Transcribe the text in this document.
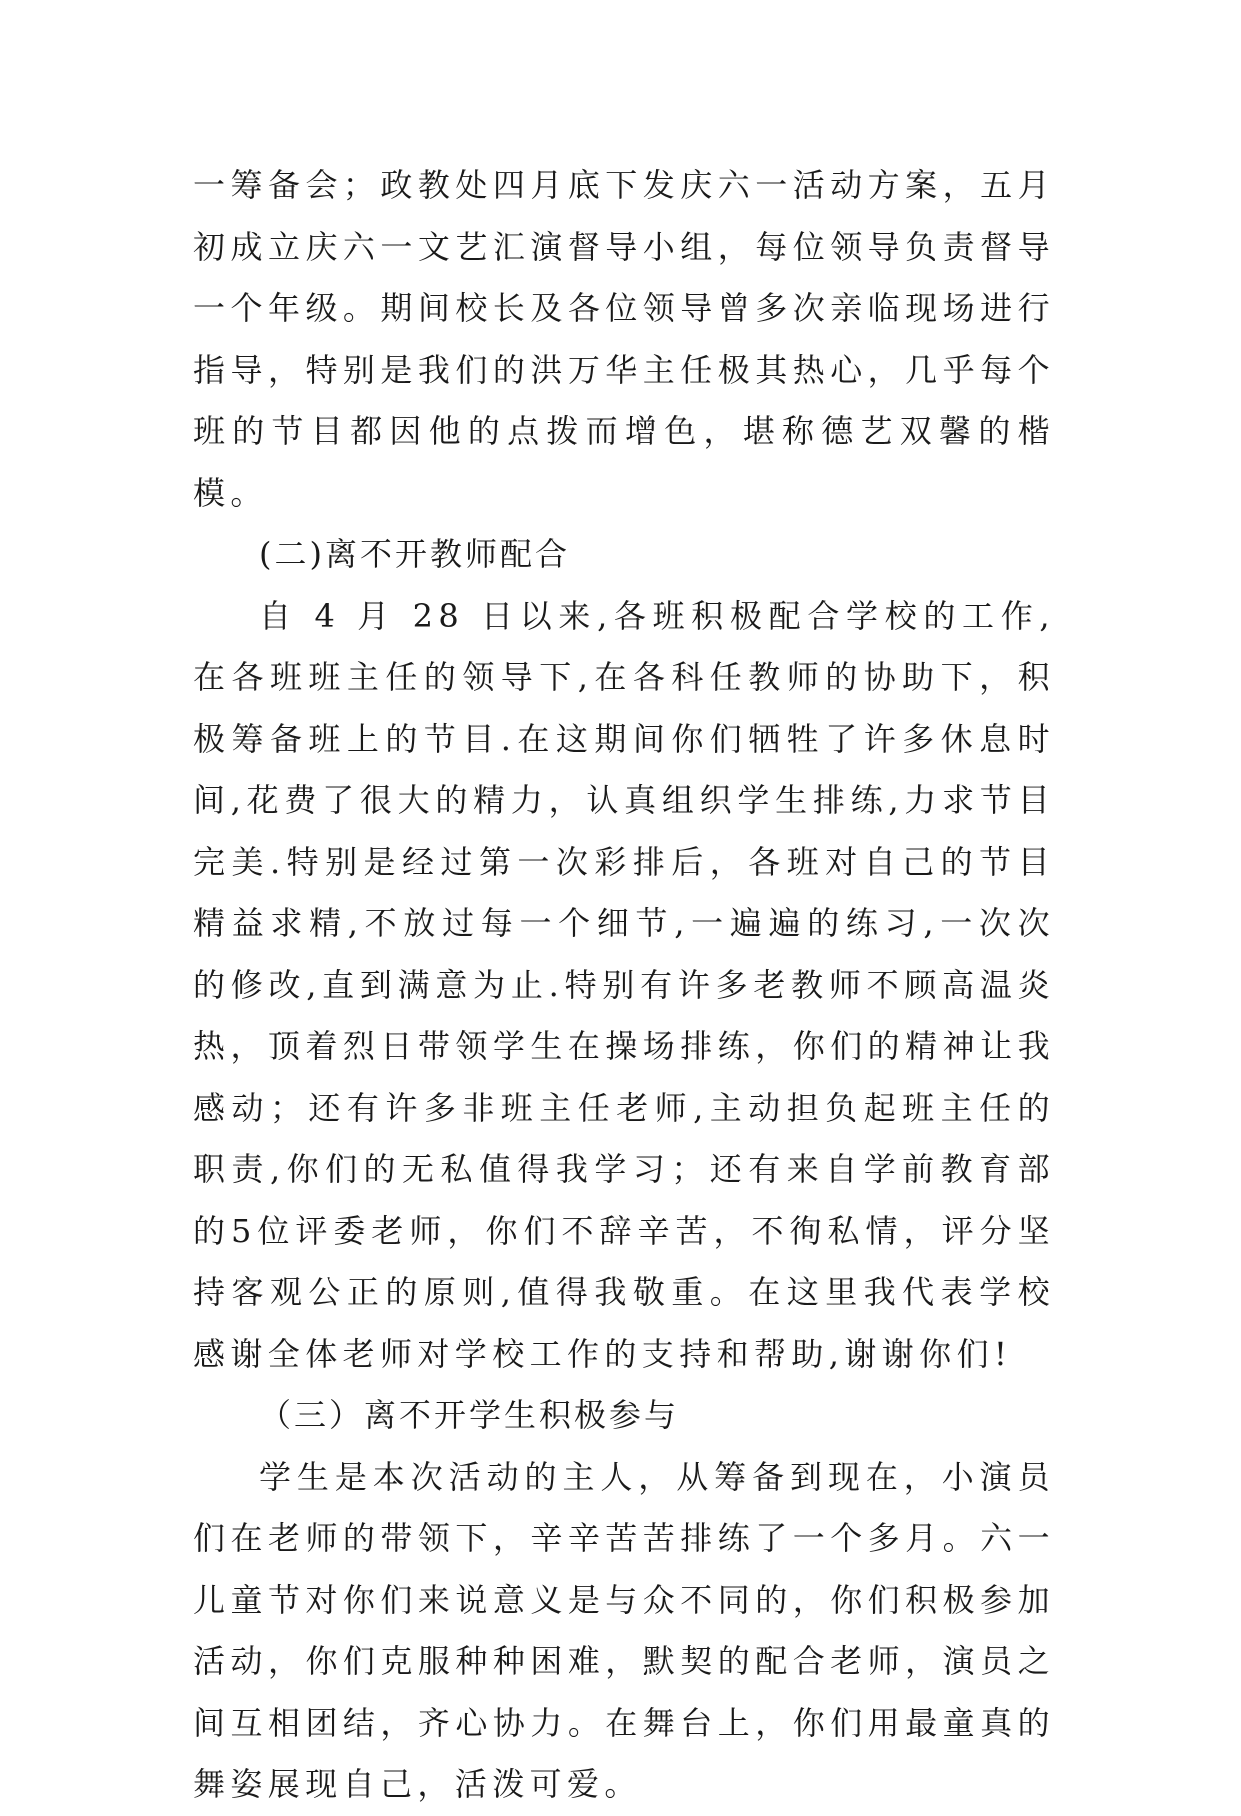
一筹备会；政教处四月底下发庆六一活动方案，五月初成立庆六一文艺汇演督导小组，每位领导负责督导一个年级。期间校长及各位领导曾多次亲临现场进行指导，特别是我们的洪万华主任极其热心，几乎每个班的节目都因他的点拨而增色，堪称德艺双馨的楷模。

(二)离不开教师配合

自 4 月 28 日以来,各班积极配合学校的工作,在各班班主任的领导下,在各科任教师的协助下，积极筹备班上的节目.在这期间你们牺牲了许多休息时间,花费了很大的精力，认真组织学生排练,力求节目完美.特别是经过第一次彩排后，各班对自己的节目精益求精,不放过每一个细节,一遍遍的练习,一次次的修改,直到满意为止.特别有许多老教师不顾高温炎热，顶着烈日带领学生在操场排练，你们的精神让我感动；还有许多非班主任老师,主动担负起班主任的职责,你们的无私值得我学习；还有来自学前教育部的5位评委老师，你们不辞辛苦，不徇私情，评分坚持客观公正的原则,值得我敬重。在这里我代表学校感谢全体老师对学校工作的支持和帮助,谢谢你们!

（三）离不开学生积极参与

学生是本次活动的主人，从筹备到现在，小演员们在老师的带领下，辛辛苦苦排练了一个多月。六一儿童节对你们来说意义是与众不同的，你们积极参加活动，你们克服种种困难，默契的配合老师，演员之间互相团结，齐心协力。在舞台上，你们用最童真的舞姿展现自己，活泼可爱。
